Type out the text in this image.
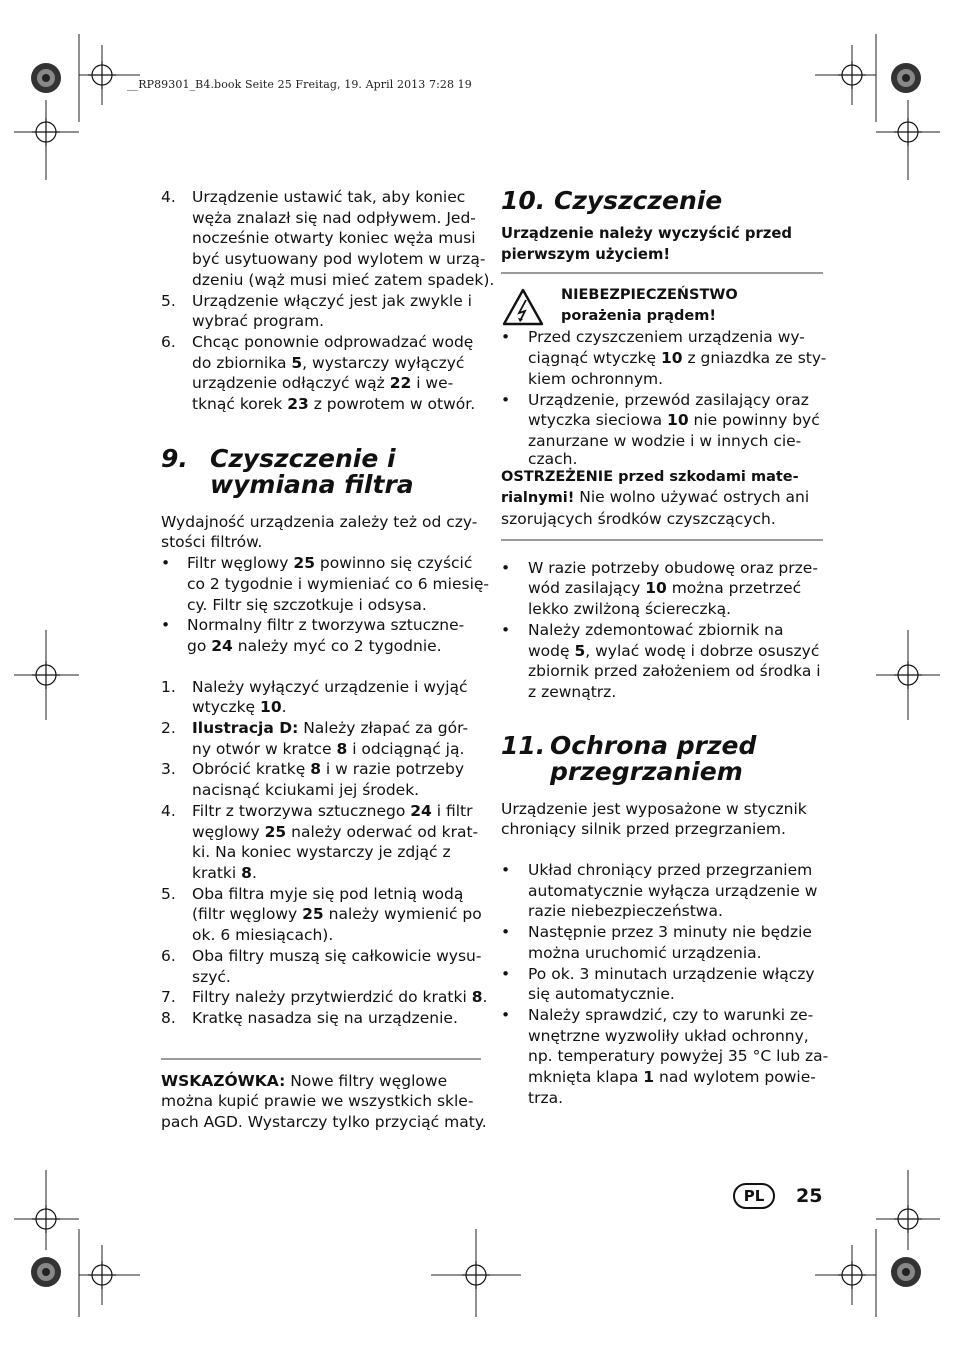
__RP89301_B4.book Seite 25 Freitag, 19. April 2013 7:28 19
4. Urządzenie ustawić tak, aby koniec
węża znalazł się nad odpływem. Jed-
nocześnie otwarty koniec węża musi
być usytuowany pod wylotem w urzą-
dzeniu (wąż musi mieć zatem spadek).
5. Urządzenie włączyć jest jak zwykle i
wybrać program.
6. Chcąc ponownie odprowadzać wodę
do zbiornika 5, wystarczy wyłączyć
urządzenie odłączyć wąż 22 i we-
tknąć korek 23 z powrotem w otwór.
9. Czyszczenie i
wymiana filtra
Wydajność urządzenia zależy też od czy-
stości filtrów.
• Filtr węglowy 25 powinno się czyścić
co 2 tygodnie i wymieniać co 6 miesię-
cy. Filtr się szczotkuje i odsysa.
• Normalny filtr z tworzywa sztuczne-
go 24 należy myć co 2 tygodnie.
1. Należy wyłączyć urządzenie i wyjąć
wtyczkę 10.
2. Ilustracja D: Należy złapać za gór-
ny otwór w kratce 8 i odciągnąć ją.
3. Obrócić kratkę 8 i w razie potrzeby
nacisnąć kciukami jej środek.
4. Filtr z tworzywa sztucznego 24 i filtr
węglowy 25 należy oderwać od krat-
ki. Na koniec wystarczy je zdjąć z
kratki 8.
5. Oba filtra myje się pod letnią wodą
(filtr węglowy 25 należy wymienić po
ok. 6 miesiącach).
6. Oba filtry muszą się całkowicie wysu-
szyć.
7. Filtry należy przytwierdzić do kratki 8.
8. Kratkę nasadza się na urządzenie.
WSKAZÓWKA: Nowe filtry węglowe
można kupić prawie we wszystkich skle-
pach AGD. Wystarczy tylko przyciąć maty.
10. Czyszczenie
Urządzenie należy wyczyścić przed
pierwszym użyciem!
NIEBEZPIECZEŃSTWO
porażenia prądem!
• Przed czyszczeniem urządzenia wy-
ciągnąć wtyczkę 10 z gniazdka ze sty-
kiem ochronnym.
• Urządzenie, przewód zasilający oraz
wtyczka sieciowa 10 nie powinny być
zanurzane w wodzie i w innych cie-
czach.
OSTRZEŻENIE przed szkodami mate-
rialnymi! Nie wolno używać ostrych ani
szorujących środków czyszczących.
• W razie potrzeby obudowę oraz prze-
wód zasilający 10 można przetrzeć
lekko zwilżoną ściereczką.
• Należy zdemontować zbiornik na
wodę 5, wylać wodę i dobrze osuszyć
zbiornik przed założeniem od środka i
z zewnątrz.
11. Ochrona przed
przegrzaniem
Urządzenie jest wyposażone w stycznik
chroniący silnik przed przegrzaniem.
• Układ chroniący przed przegrzaniem
automatycznie wyłącza urządzenie w
razie niebezpieczeństwa.
• Następnie przez 3 minuty nie będzie
można uruchomić urządzenia.
• Po ok. 3 minutach urządzenie włączy
się automatycznie.
• Należy sprawdzić, czy to warunki ze-
wnętrzne wyzwoliły układ ochronny,
np. temperatury powyżej 35 °C lub za-
mknięta klapa 1 nad wylotem powie-
trza.
PL	25
